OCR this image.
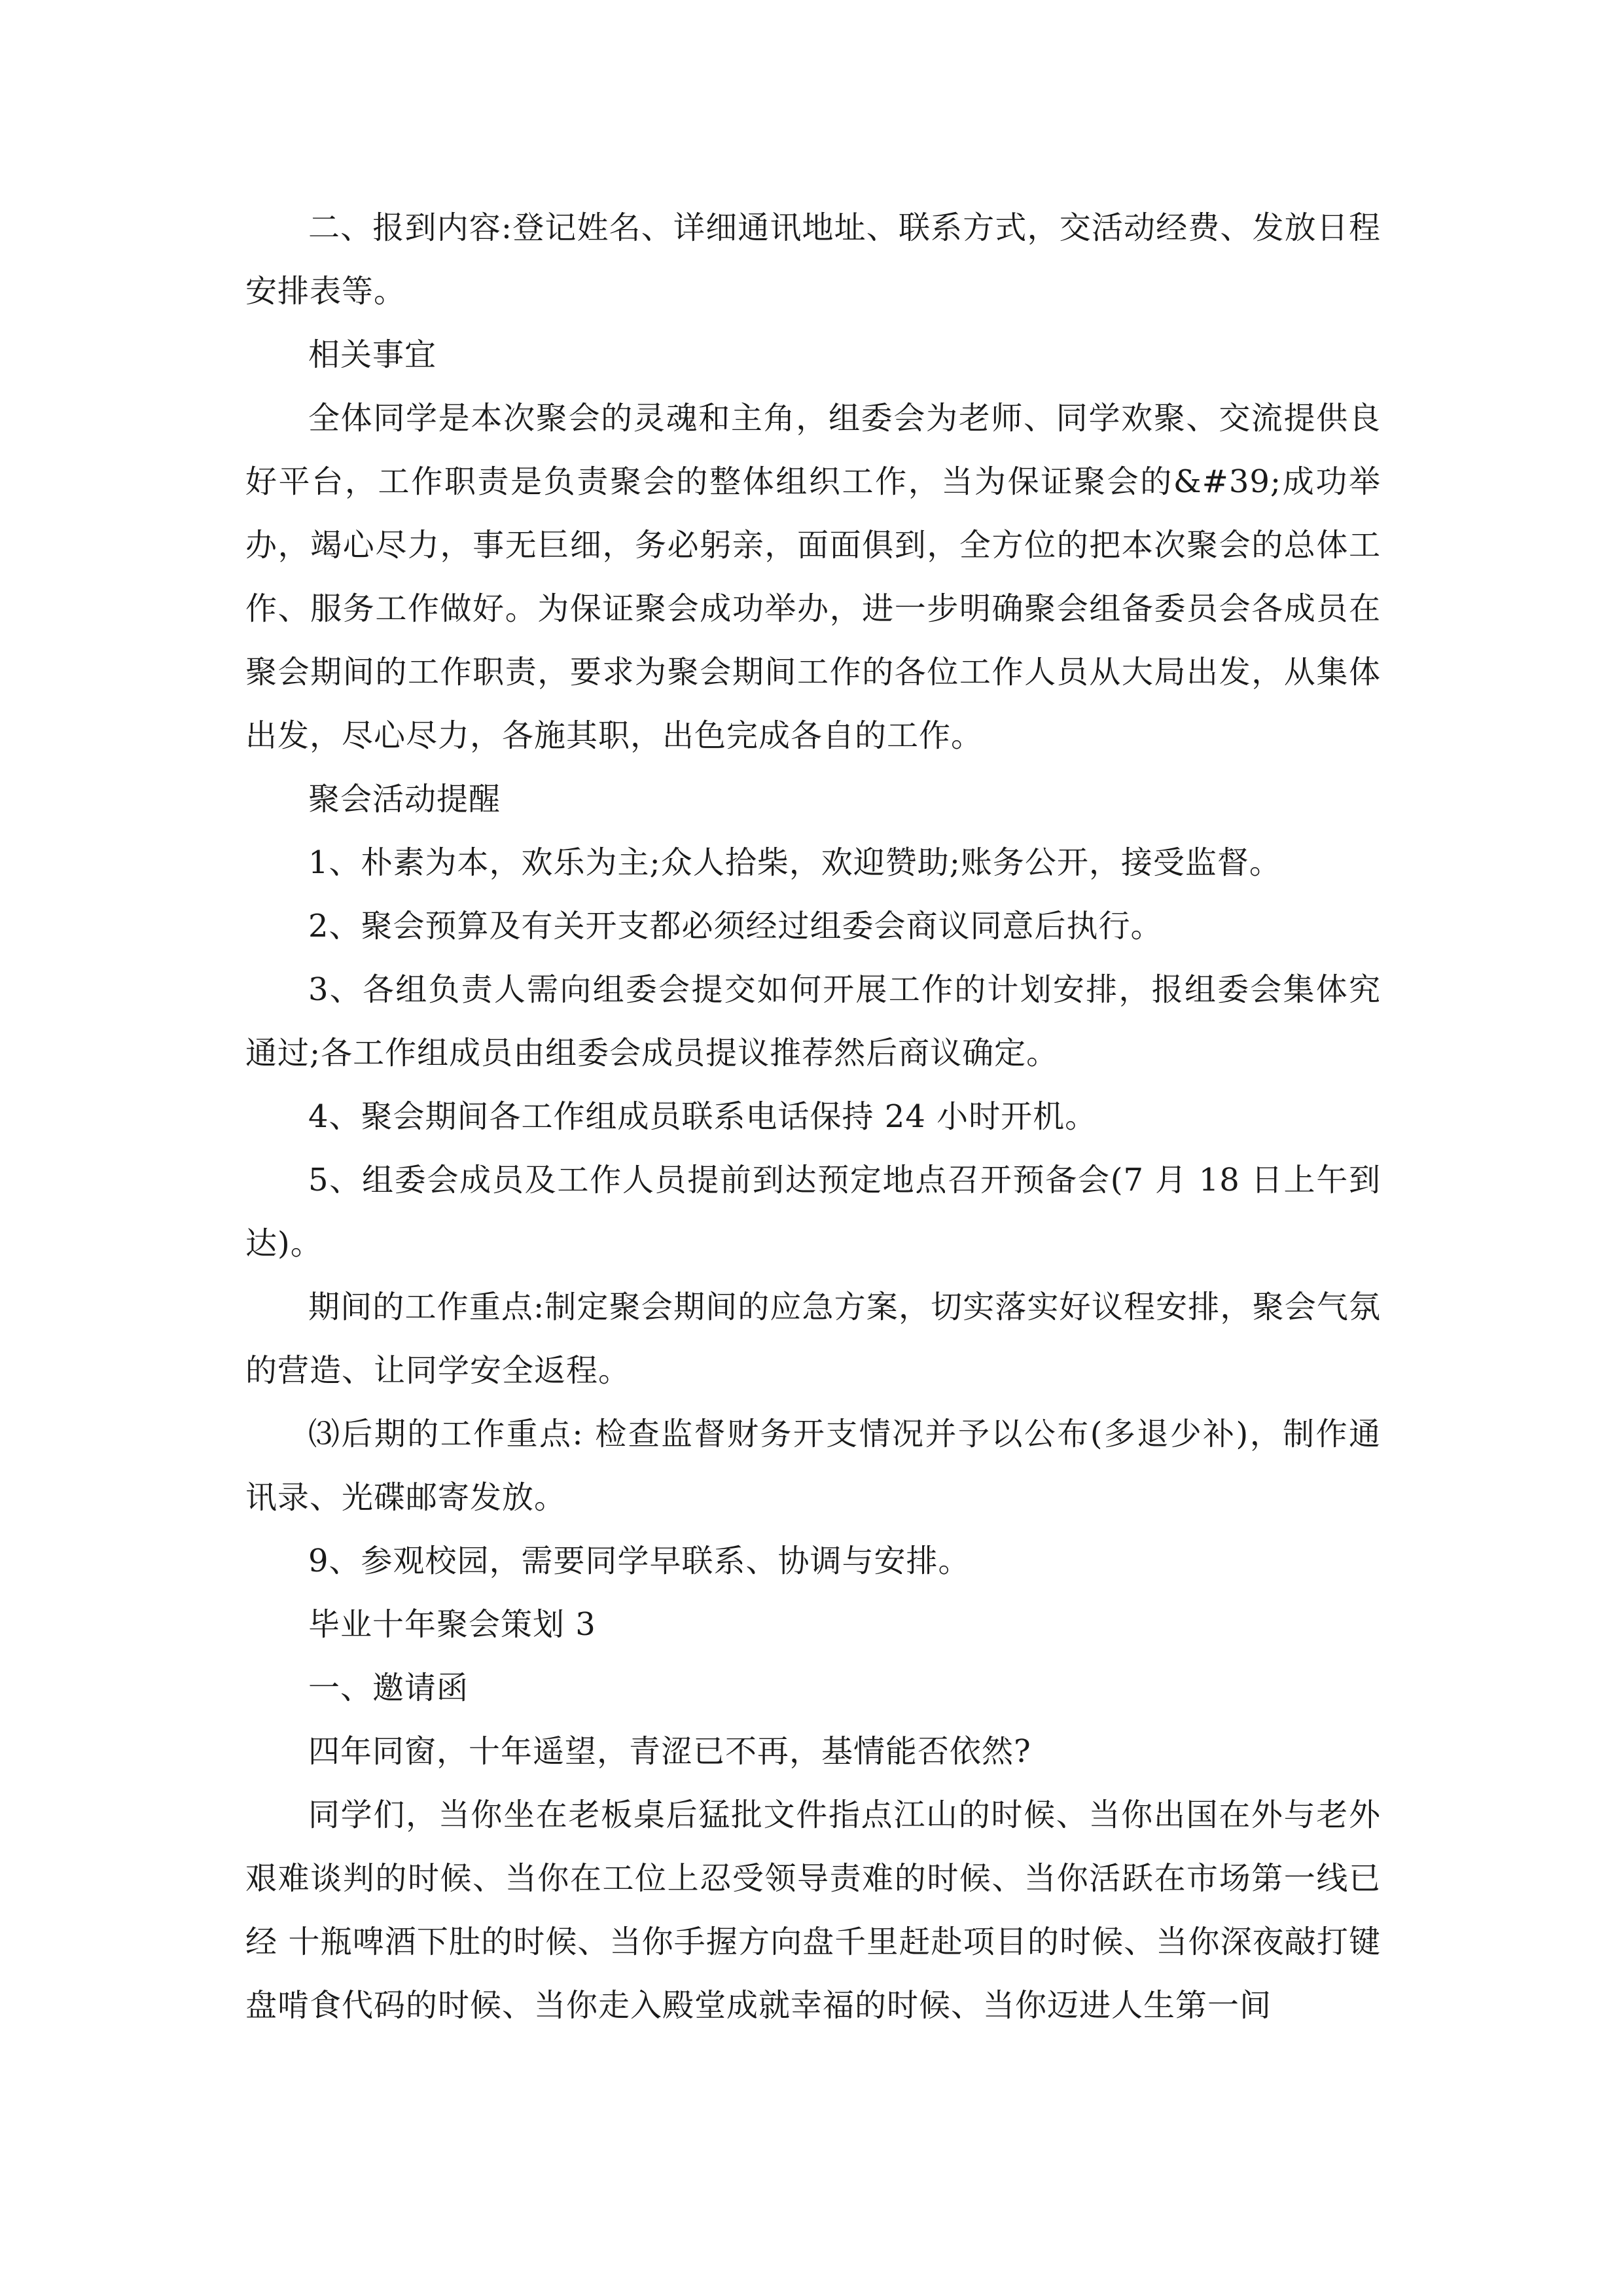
二、报到内容:登记姓名、详细通讯地址、联系方式，交活动经费、发放日程安排表等。

相关事宜

全体同学是本次聚会的灵魂和主角，组委会为老师、同学欢聚、交流提供良好平台，工作职责是负责聚会的整体组织工作，当为保证聚会的&#39;成功举办，竭心尽力，事无巨细，务必躬亲，面面俱到，全方位的把本次聚会的总体工作、服务工作做好。为保证聚会成功举办，进一步明确聚会组备委员会各成员在聚会期间的工作职责，要求为聚会期间工作的各位工作人员从大局出发，从集体出发，尽心尽力，各施其职，出色完成各自的工作。

聚会活动提醒

1、朴素为本，欢乐为主;众人拾柴，欢迎赞助;账务公开，接受监督。

2、聚会预算及有关开支都必须经过组委会商议同意后执行。

3、各组负责人需向组委会提交如何开展工作的计划安排，报组委会集体究通过;各工作组成员由组委会成员提议推荐然后商议确定。

4、聚会期间各工作组成员联系电话保持 24 小时开机。

5、组委会成员及工作人员提前到达预定地点召开预备会(7 月 18 日上午到达)。

期间的工作重点:制定聚会期间的应急方案，切实落实好议程安排，聚会气氛的营造、让同学安全返程。

⑶后期的工作重点: 检查监督财务开支情况并予以公布(多退少补)，制作通讯录、光碟邮寄发放。

9、参观校园，需要同学早联系、协调与安排。

毕业十年聚会策划 3

一、邀请函

四年同窗，十年遥望，青涩已不再，基情能否依然?

同学们，当你坐在老板桌后猛批文件指点江山的时候、当你出国在外与老外艰难谈判的时候、当你在工位上忍受领导责难的时候、当你活跃在市场第一线已经 十瓶啤酒下肚的时候、当你手握方向盘千里赶赴项目的时候、当你深夜敲打键盘啃食代码的时候、当你走入殿堂成就幸福的时候、当你迈进人生第一间
